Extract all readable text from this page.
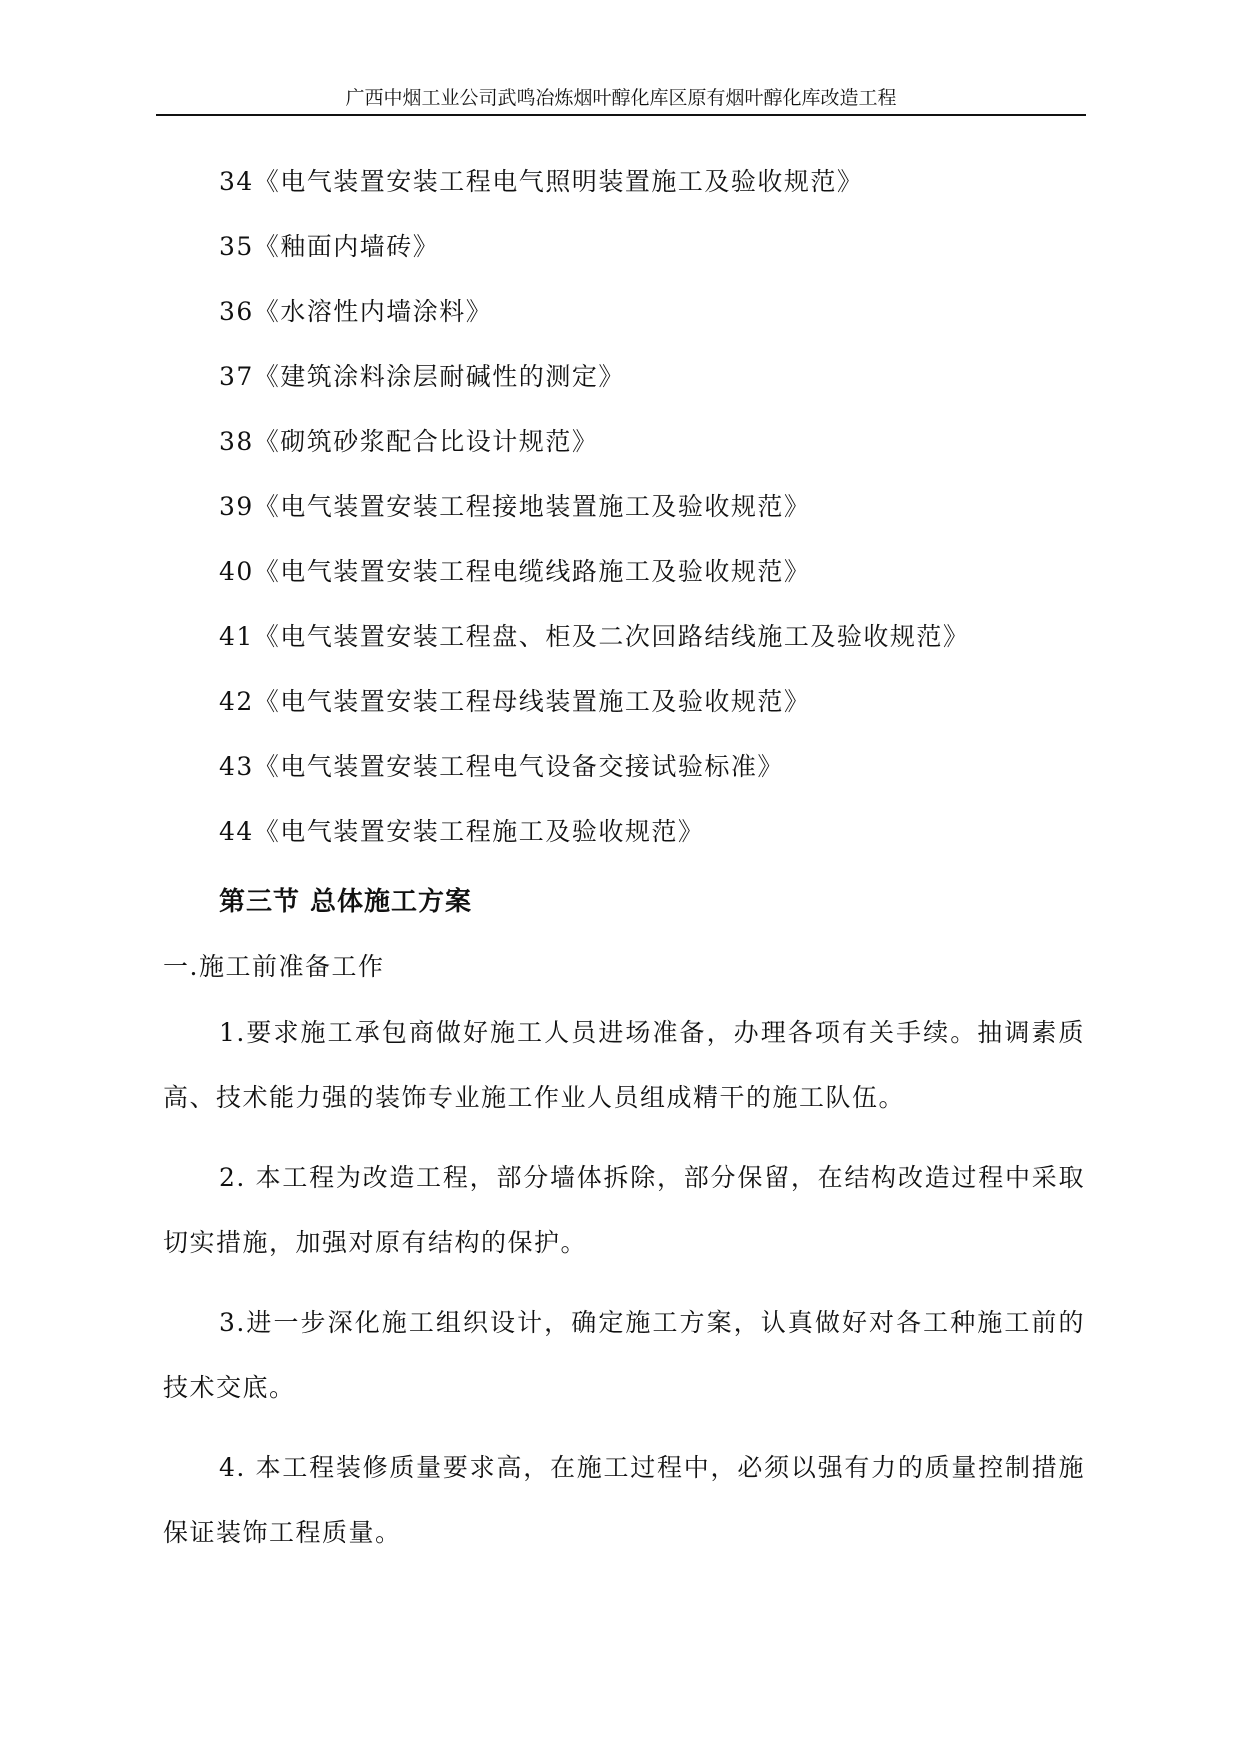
广西中烟工业公司武鸣冶炼烟叶醇化库区原有烟叶醇化库改造工程
34《电气装置安装工程电气照明装置施工及验收规范》
35《釉面内墙砖》
36《水溶性内墙涂料》
37《建筑涂料涂层耐碱性的测定》
38《砌筑砂浆配合比设计规范》
39《电气装置安装工程接地装置施工及验收规范》
40《电气装置安装工程电缆线路施工及验收规范》
41《电气装置安装工程盘、柜及二次回路结线施工及验收规范》
42《电气装置安装工程母线装置施工及验收规范》
43《电气装置安装工程电气设备交接试验标准》
44《电气装置安装工程施工及验收规范》
第三节 总体施工方案
一.施工前准备工作
1.要求施工承包商做好施工人员进场准备，办理各项有关手续。抽调素质高、技术能力强的装饰专业施工作业人员组成精干的施工队伍。
2. 本工程为改造工程，部分墙体拆除，部分保留，在结构改造过程中采取切实措施，加强对原有结构的保护。
3.进一步深化施工组织设计，确定施工方案，认真做好对各工种施工前的技术交底。
4. 本工程装修质量要求高，在施工过程中，必须以强有力的质量控制措施保证装饰工程质量。
